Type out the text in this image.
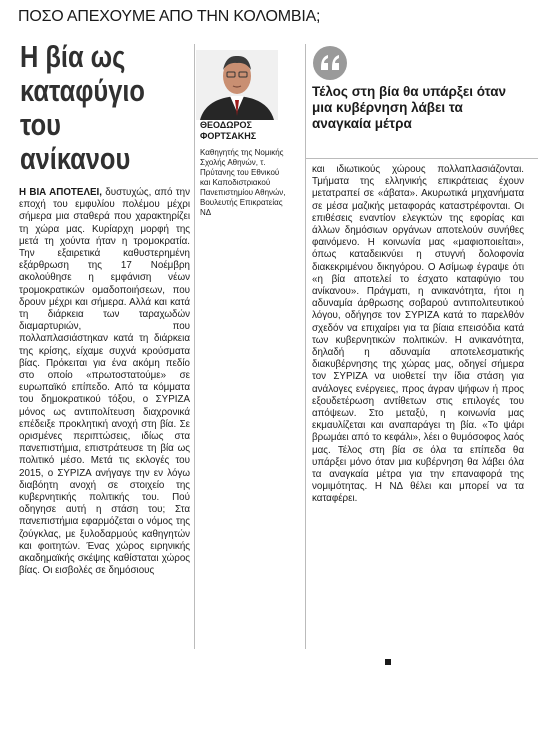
ΠΟΣΟ ΑΠΕΧΟΥΜΕ ΑΠΟ ΤΗΝ ΚΟΛΟΜΒΙΑ;
Η βία ως καταφύγιο του ανίκανου
ΘΕΟΔΩΡΟΣ ΦΟΡΤΣΑΚΗΣ
Καθηγητής της Νομικής Σχολής Αθηνών, τ. Πρύτανης του Εθνικού και Καποδιστριακού Πανεπιστημίου Αθηνών, Βουλευτής Επικρατείας ΝΔ
Τέλος στη βία θα υπάρξει όταν μια κυβέρνηση λάβει τα αναγκαία μέτρα
Η ΒΙΑ ΑΠΟΤΕΛΕΙ, δυστυχώς, από την εποχή του εμφυλίου πολέμου μέχρι σήμερα μια σταθερά που χαρακτηρίζει τη χώρα μας. Κυρίαρχη μορφή της μετά τη χούντα ήταν η τρομοκρατία. Την εξαιρετικά καθυστερημένη εξάρθρωση της 17 Νοέμβρη ακολούθησε η εμφάνιση νέων τρομοκρατικών ομαδοποιήσεων, που δρουν μέχρι και σήμερα. Αλλά και κατά τη διάρκεια των ταραχωδών διαμαρτυριών, που πολλαπλασιάστηκαν κατά τη διάρκεια της κρίσης, είχαμε συχνά κρούσματα βίας. Πρόκειται για ένα ακόμη πεδίο στο οποίο «πρωτοστατούμε» σε ευρωπαϊκό επίπεδο. Από τα κόμματα του δημοκρατικού τόξου, ο ΣΥΡΙΖΑ μόνος ως αντιπολίτευση διαχρονικά επέδειξε προκλητική ανοχή στη βία. Σε ορισμένες περιπτώσεις, ιδίως στα πανεπιστήμια, επιστράτευσε τη βία ως πολιτικό μέσο. Μετά τις εκλογές του 2015, ο ΣΥΡΙΖΑ ανήγαγε την εν λόγω διαβόητη ανοχή σε στοιχείο της κυβερνητικής πολιτικής του. Πού οδηγησε αυτή η στάση του; Στα πανεπιστήμια εφαρμόζεται ο νόμος της ζούγκλας, με ξυλοδαρμούς καθηγητών και φοιτητών. Ένας χώρος ειρηνικής ακαδημαϊκής σκέψης καθίσταται χώρος βίας. Οι εισβολές σε δημόσιους
και ιδιωτικούς χώρους πολλαπλασιάζονται. Τμήματα της ελληνικής επικράτειας έχουν μετατραπεί σε «άβατα». Ακυρωτικά μηχανήματα σε μέσα μαζικής μεταφοράς καταστρέφονται. Οι επιθέσεις εναντίον ελεγκτών της εφορίας και άλλων δημόσιων οργάνων αποτελούν συνήθες φαινόμενο. Η κοινωνία μας «μαφιοποιείται», όπως καταδεικνύει η στυγνή δολοφονία διακεκριμένου δικηγόρου. Ο Ασίμωφ έγραψε ότι «η βία αποτελεί το έσχατο καταφύγιο του ανίκανου». Πράγματι, η ανικανότητα, ήτοι η αδυναμία άρθρωσης σοβαρού αντιπολιτευτικού λόγου, οδήγησε τον ΣΥΡΙΖΑ κατά το παρελθόν σχεδόν να επιχαίρει για τα βίαια επεισόδια κατά των κυβερνητικών πολιτικών. Η ανικανότητα, δηλαδή η αδυναμία αποτελεσματικής διακυβέρνησης της χώρας μας, οδηγεί σήμερα τον ΣΥΡΙΖΑ να υιοθετεί την ίδια στάση για ανάλογες ενέργειες, προς άγραν ψήφων ή προς εξουδετέρωση αντίθετων στις επιλογές του απόψεων. Στο μεταξύ, η κοινωνία μας εκμαυλίζεται και αναπαράγει τη βία. «Το ψάρι βρωμάει από το κεφάλι», λέει ο θυμόσοφος λαός μας. Τέλος στη βία σε όλα τα επίπεδα θα υπάρξει μόνο όταν μια κυβέρνηση θα λάβει όλα τα αναγκαία μέτρα για την επαναφορά της νομιμότητας. Η ΝΔ θέλει και μπορεί να τα καταφέρει.
